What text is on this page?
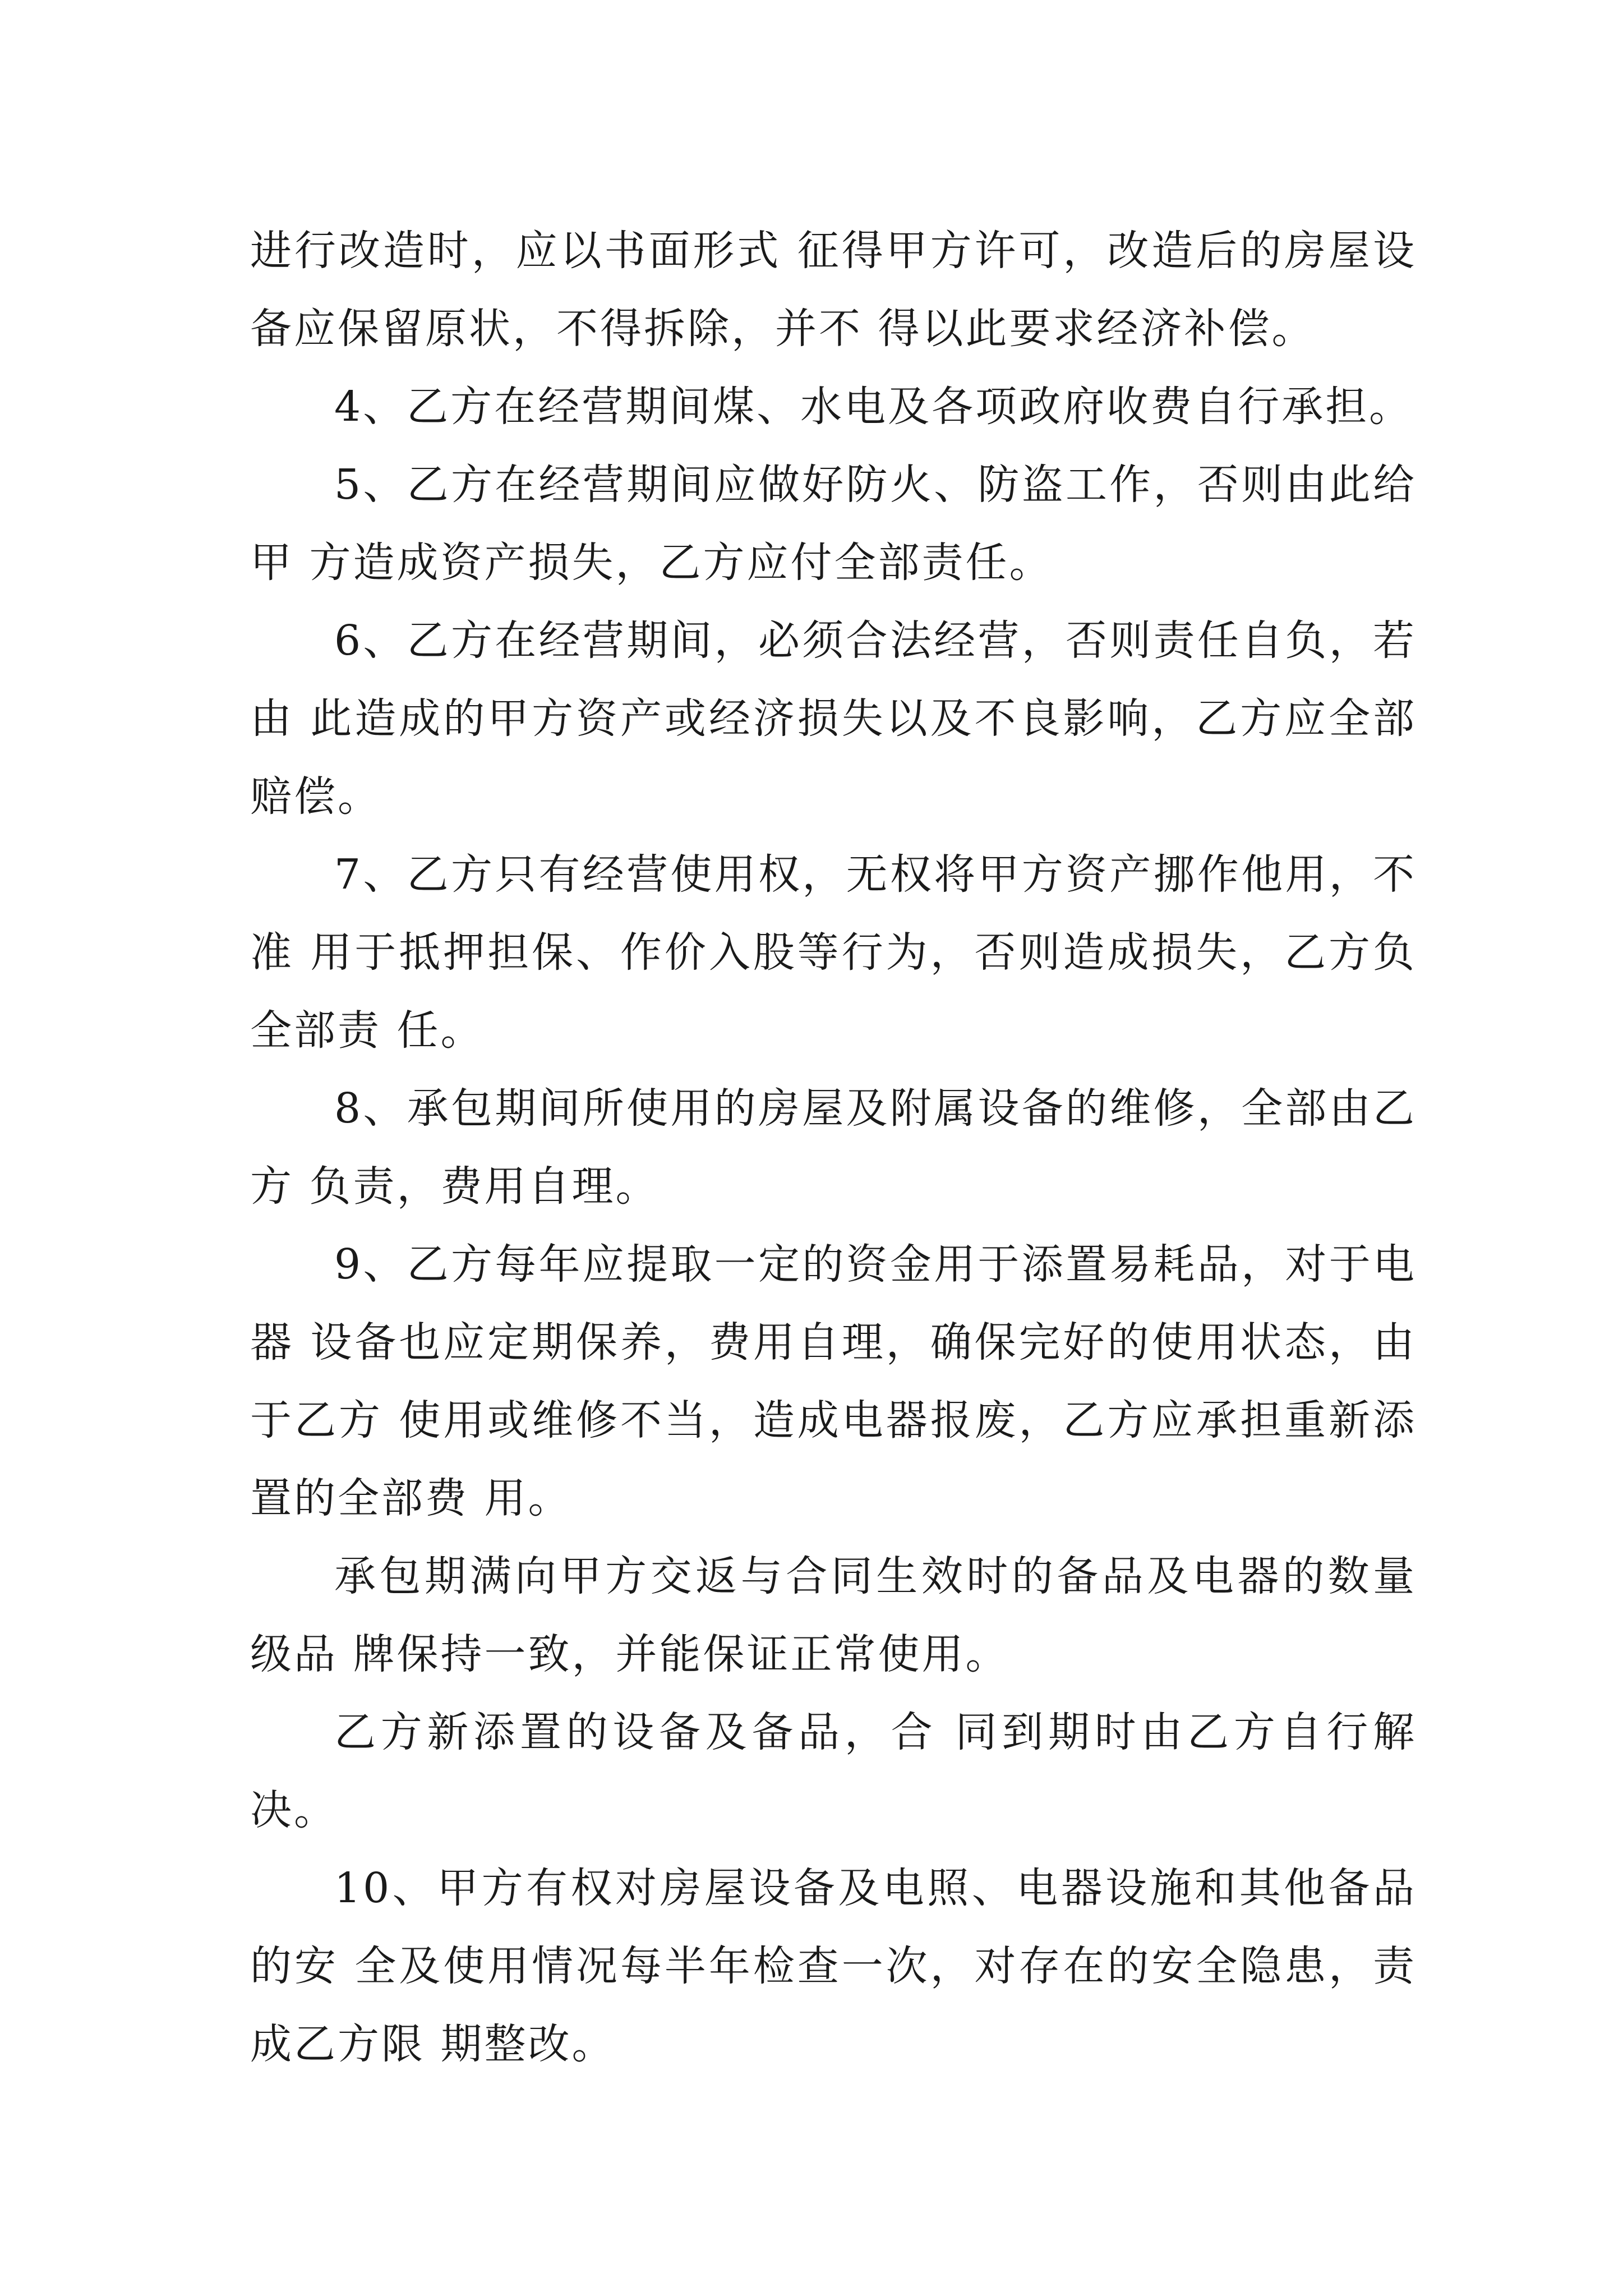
进行改造时，应以书面形式 征得甲方许可，改造后的房屋设备应保留原状，不得拆除，并不 得以此要求经济补偿。

4、乙方在经营期间煤、水电及各项政府收费自行承担。

5、乙方在经营期间应做好防火、防盗工作，否则由此给甲 方造成资产损失，乙方应付全部责任。

6、乙方在经营期间，必须合法经营，否则责任自负，若由 此造成的甲方资产或经济损失以及不良影响，乙方应全部赔偿。

7、乙方只有经营使用权，无权将甲方资产挪作他用，不准 用于抵押担保、作价入股等行为，否则造成损失，乙方负全部责 任。

8、承包期间所使用的房屋及附属设备的维修，全部由乙方 负责，费用自理。

9、乙方每年应提取一定的资金用于添置易耗品，对于电器 设备也应定期保养，费用自理，确保完好的使用状态，由于乙方 使用或维修不当，造成电器报废，乙方应承担重新添置的全部费 用。

承包期满向甲方交返与合同生效时的备品及电器的数量级品 牌保持一致，并能保证正常使用。

乙方新添置的设备及备品，合 同到期时由乙方自行解决。

10、甲方有权对房屋设备及电照、电器设施和其他备品的安 全及使用情况每半年检查一次，对存在的安全隐患，责成乙方限 期整改。
